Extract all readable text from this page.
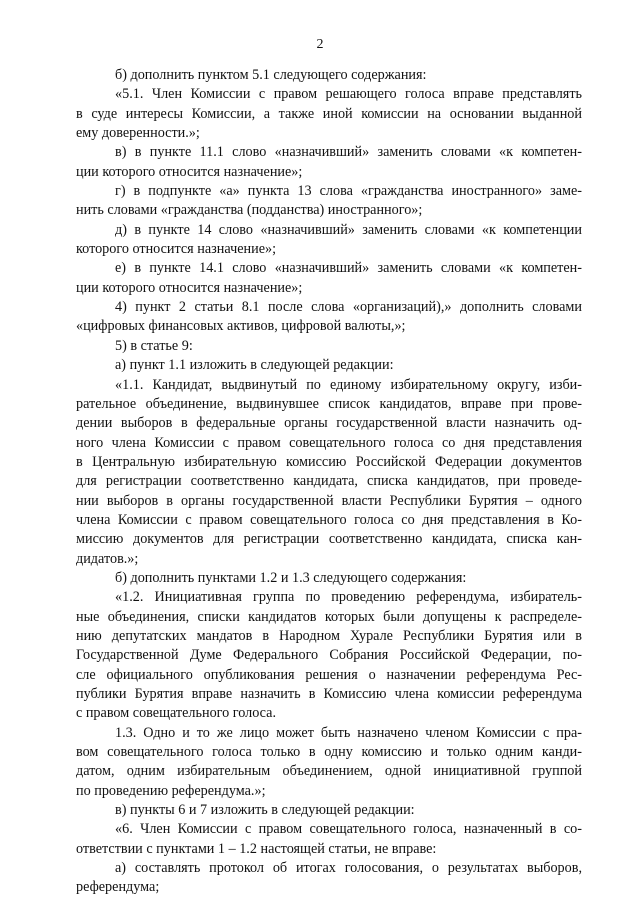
2
б) дополнить пунктом 5.1 следующего содержания:
«5.1. Член Комиссии с правом решающего голоса вправе представлять
в суде интересы Комиссии, а также иной комиссии на основании выданной
ему доверенности.»;
в) в пункте 11.1 слово «назначивший» заменить словами «к компетен-
ции которого относится назначение»;
г) в подпункте «а» пункта 13 слова «гражданства иностранного» заме-
нить словами «гражданства (подданства) иностранного»;
д) в пункте 14 слово «назначивший» заменить словами «к компетенции
которого относится назначение»;
е) в пункте 14.1 слово «назначивший» заменить словами «к компетен-
ции которого относится назначение»;
4) пункт 2 статьи 8.1 после слова «организаций),» дополнить словами
«цифровых финансовых активов, цифровой валюты,»;
5) в статье 9:
а) пункт 1.1 изложить в следующей редакции:
«1.1. Кандидат, выдвинутый по единому избирательному округу, изби-
рательное объединение, выдвинувшее список кандидатов, вправе при прове-
дении выборов в федеральные органы государственной власти назначить од-
ного члена Комиссии с правом совещательного голоса со дня представления
в Центральную избирательную комиссию Российской Федерации документов
для регистрации соответственно кандидата, списка кандидатов, при проведе-
нии выборов в органы государственной власти Республики Бурятия – одного
члена Комиссии с правом совещательного голоса со дня представления в Ко-
миссию документов для регистрации соответственно кандидата, списка кан-
дидатов.»;
б) дополнить пунктами 1.2 и 1.3 следующего содержания:
«1.2. Инициативная группа по проведению референдума, избиратель-
ные объединения, списки кандидатов которых были допущены к распределе-
нию депутатских мандатов в Народном Хурале Республики Бурятия или в
Государственной Думе Федерального Собрания Российской Федерации, по-
сле официального опубликования решения о назначении референдума Рес-
публики Бурятия вправе назначить в Комиссию члена комиссии референдума
с правом совещательного голоса.
1.3. Одно и то же лицо может быть назначено членом Комиссии с пра-
вом совещательного голоса только в одну комиссию и только одним канди-
датом, одним избирательным объединением, одной инициативной группой
по проведению референдума.»;
в) пункты 6 и 7 изложить в следующей редакции:
«6. Член Комиссии с правом совещательного голоса, назначенный в со-
ответствии с пунктами 1 – 1.2 настоящей статьи, не вправе:
а) составлять протокол об итогах голосования, о результатах выборов,
референдума;
